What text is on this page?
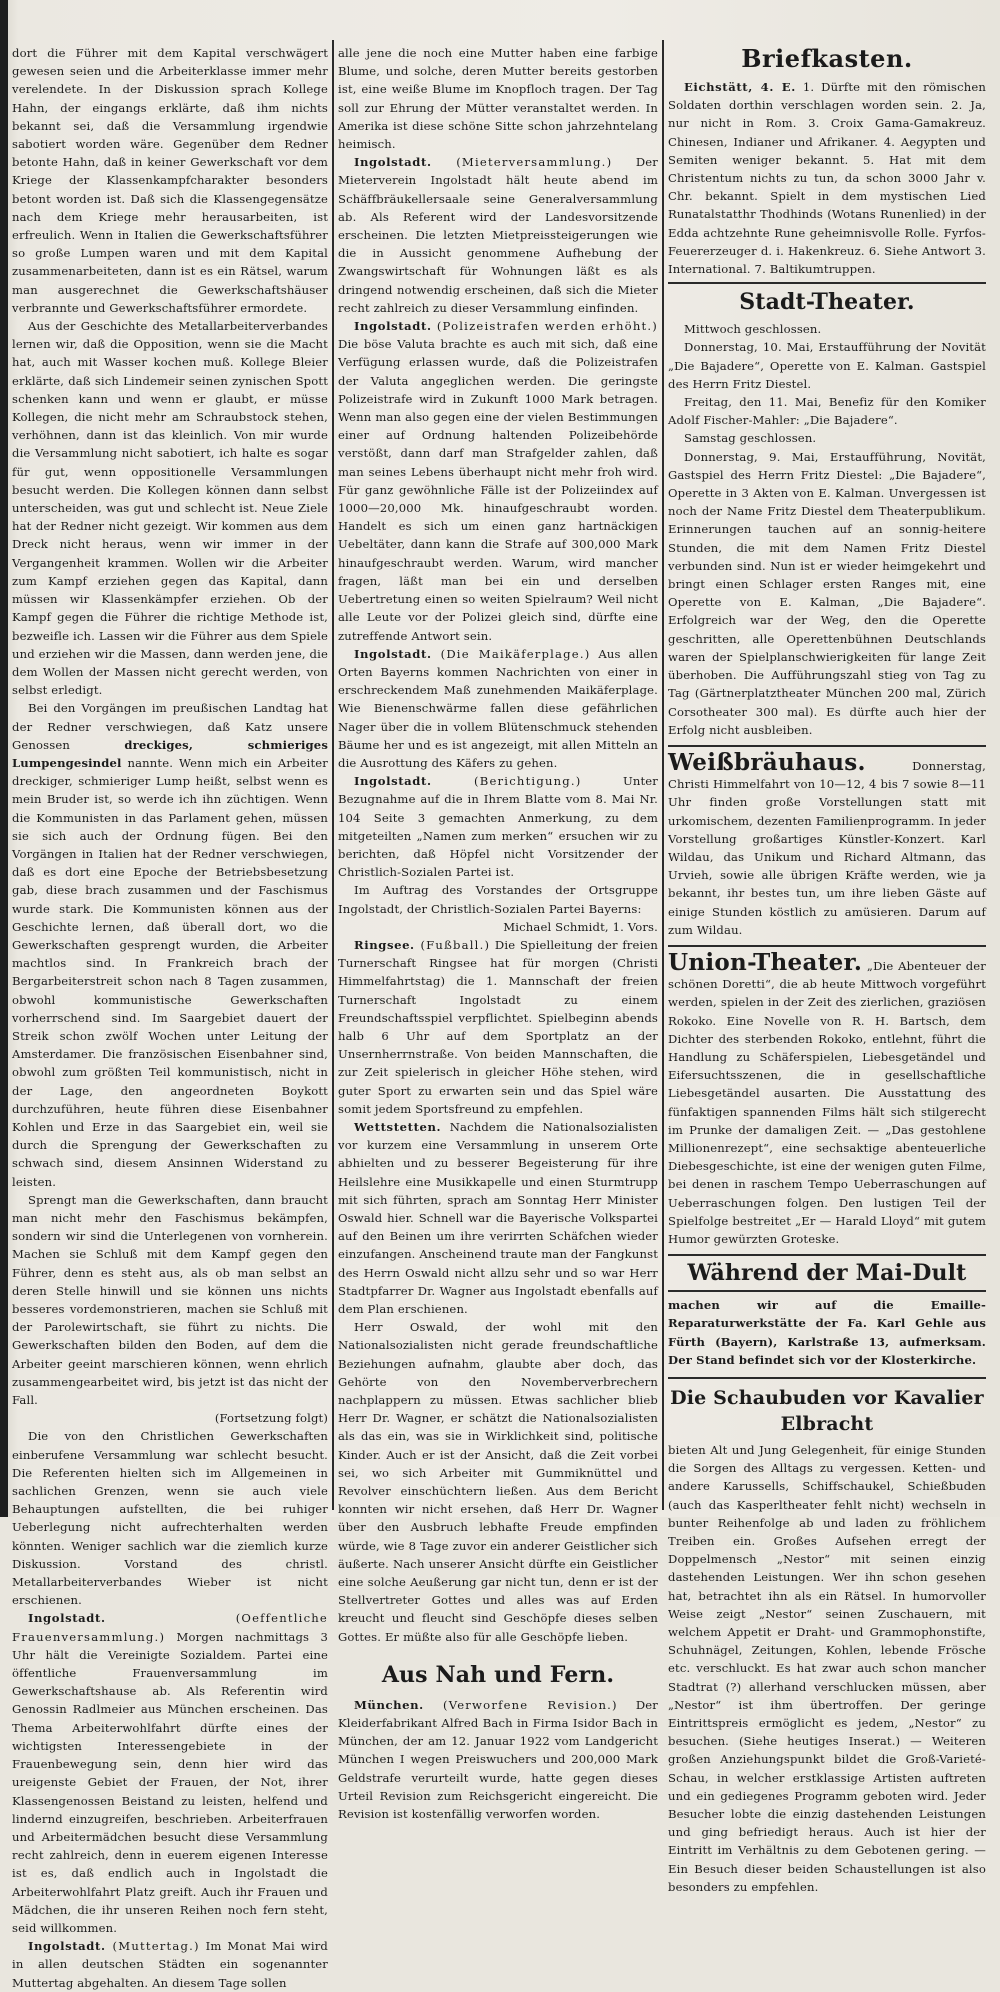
dort die Führer mit dem Kapital verschwägert gewesen seien und die Arbeiterklasse immer mehr verelendete. In der Diskussion sprach Kollege Hahn, der eingangs erklärte, daß ihm nichts bekannt sei, daß die Versammlung irgendwie sabotiert worden wäre. Gegenüber dem Redner betonte Hahn, daß in keiner Gewerkschaft vor dem Kriege der Klassenkampfcharakter besonders betont worden ist. Daß sich die Klassengegensätze nach dem Kriege mehr herausarbeiten, ist erfreulich. Wenn in Italien die Gewerkschaftsführer so große Lumpen waren und mit dem Kapital zusammenarbeiteten, dann ist es ein Rätsel, warum man ausgerechnet die Gewerkschaftshäuser verbrannte und Gewerkschaftsführer ermordete.

Aus der Geschichte des Metallarbeiterverbandes lernen wir, daß die Opposition, wenn sie die Macht hat, auch mit Wasser kochen muß. Kollege Bleier erklärte, daß sich Lindemeir seinen zynischen Spott schenken kann und wenn er glaubt, er müsse Kollegen, die nicht mehr am Schraubstock stehen, verhöhnen, dann ist das kleinlich. Von mir wurde die Versammlung nicht sabotiert, ich halte es sogar für gut, wenn oppositionelle Versammlungen besucht werden. Die Kollegen können dann selbst unterscheiden, was gut und schlecht ist. Neue Ziele hat der Redner nicht gezeigt. Wir kommen aus dem Dreck nicht heraus, wenn wir immer in der Vergangenheit krammen. Wollen wir die Arbeiter zum Kampf erziehen gegen das Kapital, dann müssen wir Klassenkämpfer erziehen. Ob der Kampf gegen die Führer die richtige Methode ist, bezweifle ich. Lassen wir die Führer aus dem Spiele und erziehen wir die Massen, dann werden jene, die dem Wollen der Massen nicht gerecht werden, von selbst erledigt.

Bei den Vorgängen im preußischen Landtag hat der Redner verschwiegen, daß Katz unsere Genossen dreckiges, schmieriges Lumpengesindel nannte. Wenn mich ein Arbeiter dreckiger, schmieriger Lump heißt, selbst wenn es mein Bruder ist, so werde ich ihn züchtigen. Wenn die Kommunisten in das Parlament gehen, müssen sie sich auch der Ordnung fügen. Bei den Vorgängen in Italien hat der Redner verschwiegen, daß es dort eine Epoche der Betriebsbesetzung gab, diese brach zusammen und der Faschismus wurde stark. Die Kommunisten können aus der Geschichte lernen, daß überall dort, wo die Gewerkschaften gesprengt wurden, die Arbeiter machtlos sind. In Frankreich brach der Bergarbeiterstreit schon nach 8 Tagen zusammen, obwohl kommunistische Gewerkschaften vorherrschend sind. Im Saargebiet dauert der Streik schon zwölf Wochen unter Leitung der Amsterdamer. Die französischen Eisenbahner sind, obwohl zum größten Teil kommunistisch, nicht in der Lage, den angeordneten Boykott durchzuführen, heute führen diese Eisenbahner Kohlen und Erze in das Saargebiet ein, weil sie durch die Sprengung der Gewerkschaften zu schwach sind, diesem Ansinnen Widerstand zu leisten.

Sprengt man die Gewerkschaften, dann braucht man nicht mehr den Faschismus bekämpfen, sondern wir sind die Unterlegenen von vornherein. Machen sie Schluß mit dem Kampf gegen den Führer, denn es steht aus, als ob man selbst an deren Stelle hinwill und sie können uns nichts besseres vordemonstrieren, machen sie Schluß mit der Parolewirtschaft, sie führt zu nichts. Die Gewerkschaften bilden den Boden, auf dem die Arbeiter geeint marschieren können, wenn ehrlich zusammengearbeitet wird, bis jetzt ist das nicht der Fall.

(Fortsetzung folgt)

Die von den Christlichen Gewerkschaften einberufene Versammlung war schlecht besucht. Die Referenten hielten sich im Allgemeinen in sachlichen Grenzen, wenn sie auch viele Behauptungen aufstellten, die bei ruhiger Ueberlegung nicht aufrechterhalten werden könnten. Weniger sachlich war die ziemlich kurze Diskussion. Vorstand des christl. Metallarbeiterverbandes Wieber ist nicht erschienen.

Ingolstadt. (Oeffentliche Frauenversammlung.) Morgen nachmittags 3 Uhr hält die Vereinigte Sozialdem. Partei eine öffentliche Frauenversammlung im Gewerkschaftshause ab. Als Referentin wird Genossin Radlmeier aus München erscheinen. Das Thema Arbeiterwohlfahrt dürfte eines der wichtigsten Interessengebiete in der Frauenbewegung sein, denn hier wird das ureigenste Gebiet der Frauen, der Not, ihrer Klassengenossen Beistand zu leisten, helfend und lindernd einzugreifen, beschrieben. Arbeiterfrauen und Arbeitermädchen besucht diese Versammlung recht zahlreich, denn in euerem eigenen Interesse ist es, daß endlich auch in Ingolstadt die Arbeiterwohlfahrt Platz greift. Auch ihr Frauen und Mädchen, die ihr unseren Reihen noch fern steht, seid willkommen.

Ingolstadt. (Muttertag.) Im Monat Mai wird in allen deutschen Städten ein sogenannter Muttertag abgehalten. An diesem Tage sollen

alle jene die noch eine Mutter haben eine farbige Blume, und solche, deren Mutter bereits gestorben ist, eine weiße Blume im Knopfloch tragen. Der Tag soll zur Ehrung der Mütter veranstaltet werden. In Amerika ist diese schöne Sitte schon jahrzehntelang heimisch.

Ingolstadt. (Mieterversammlung.) Der Mieterverein Ingolstadt hält heute abend im Schäffbräukellersaale seine Generalversammlung ab. Als Referent wird der Landesvorsitzende erscheinen. Die letzten Mietpreissteigerungen wie die in Aussicht genommene Aufhebung der Zwangswirtschaft für Wohnungen läßt es als dringend notwendig erscheinen, daß sich die Mieter recht zahlreich zu dieser Versammlung einfinden.

Ingolstadt. (Polizeistrafen werden erhöht.) Die böse Valuta brachte es auch mit sich, daß eine Verfügung erlassen wurde, daß die Polizeistrafen der Valuta angeglichen werden. Die geringste Polizeistrafe wird in Zukunft 1000 Mark betragen. Wenn man also gegen eine der vielen Bestimmungen einer auf Ordnung haltenden Polizeibehörde verstößt, dann darf man Strafgelder zahlen, daß man seines Lebens überhaupt nicht mehr froh wird. Für ganz gewöhnliche Fälle ist der Polizeiindex auf 1000—20,000 Mk. hinaufgeschraubt worden. Handelt es sich um einen ganz hartnäckigen Uebeltäter, dann kann die Strafe auf 300,000 Mark hinaufgeschraubt werden. Warum, wird mancher fragen, läßt man bei ein und derselben Uebertretung einen so weiten Spielraum? Weil nicht alle Leute vor der Polizei gleich sind, dürfte eine zutreffende Antwort sein.

Ingolstadt. (Die Maikäferplage.) Aus allen Orten Bayerns kommen Nachrichten von einer in erschreckendem Maß zunehmenden Maikäferplage. Wie Bienenschwärme fallen diese gefährlichen Nager über die in vollem Blütenschmuck stehenden Bäume her und es ist angezeigt, mit allen Mitteln an die Ausrottung des Käfers zu gehen.

Ingolstadt. (Berichtigung.) Unter Bezugnahme auf die in Ihrem Blatte vom 8. Mai Nr. 104 Seite 3 gemachten Anmerkung, zu dem mitgeteilten „Namen zum merken“ ersuchen wir zu berichten, daß Höpfel nicht Vorsitzender der Christlich-Sozialen Partei ist.

Im Auftrag des Vorstandes der Ortsgruppe Ingolstadt, der Christlich-Sozialen Partei Bayerns:

Michael Schmidt, 1. Vors.

Ringsee. (Fußball.) Die Spielleitung der freien Turnerschaft Ringsee hat für morgen (Christi Himmelfahrtstag) die 1. Mannschaft der freien Turnerschaft Ingolstadt zu einem Freundschaftsspiel verpflichtet. Spielbeginn abends halb 6 Uhr auf dem Sportplatz an der Unsernherrnstraße. Von beiden Mannschaften, die zur Zeit spielerisch in gleicher Höhe stehen, wird guter Sport zu erwarten sein und das Spiel wäre somit jedem Sportsfreund zu empfehlen.

Wettstetten. Nachdem die Nationalsozialisten vor kurzem eine Versammlung in unserem Orte abhielten und zu besserer Begeisterung für ihre Heilslehre eine Musikkapelle und einen Sturmtrupp mit sich führten, sprach am Sonntag Herr Minister Oswald hier. Schnell war die Bayerische Volkspartei auf den Beinen um ihre verirrten Schäfchen wieder einzufangen. Anscheinend traute man der Fangkunst des Herrn Oswald nicht allzu sehr und so war Herr Stadtpfarrer Dr. Wagner aus Ingolstadt ebenfalls auf dem Plan erschienen.

Herr Oswald, der wohl mit den Nationalsozialisten nicht gerade freundschaftliche Beziehungen aufnahm, glaubte aber doch, das Gehörte von den Novemberverbrechern nachplappern zu müssen. Etwas sachlicher blieb Herr Dr. Wagner, er schätzt die Nationalsozialisten als das ein, was sie in Wirklichkeit sind, politische Kinder. Auch er ist der Ansicht, daß die Zeit vorbei sei, wo sich Arbeiter mit Gummiknüttel und Revolver einschüchtern ließen. Aus dem Bericht konnten wir nicht ersehen, daß Herr Dr. Wagner über den Ausbruch lebhafte Freude empfinden würde, wie 8 Tage zuvor ein anderer Geistlicher sich äußerte. Nach unserer Ansicht dürfte ein Geistlicher eine solche Aeußerung gar nicht tun, denn er ist der Stellvertreter Gottes und alles was auf Erden kreucht und fleucht sind Geschöpfe dieses selben Gottes. Er müßte also für alle Geschöpfe lieben.

Aus Nah und Fern.

München. (Verworfene Revision.) Der Kleiderfabrikant Alfred Bach in Firma Isidor Bach in München, der am 12. Januar 1922 vom Landgericht München I wegen Preiswuchers und 200,000 Mark Geldstrafe verurteilt wurde, hatte gegen dieses Urteil Revision zum Reichsgericht eingereicht. Die Revision ist kostenfällig verworfen worden.

Briefkasten.

Eichstätt, 4. E. 1. Dürfte mit den römischen Soldaten dorthin verschlagen worden sein. 2. Ja, nur nicht in Rom. 3. Croix Gama-Gamakreuz. Chinesen, Indianer und Afrikaner. 4. Aegypten und Semiten weniger bekannt. 5. Hat mit dem Christentum nichts zu tun, da schon 3000 Jahr v. Chr. bekannt. Spielt in dem mystischen Lied Runatalstatthr Thodhinds (Wotans Runenlied) in der Edda achtzehnte Rune geheimnisvolle Rolle. Fyrfos-Feuererzeuger d. i. Hakenkreuz. 6. Siehe Antwort 3. International. 7. Baltikumtruppen.

Stadt-Theater.

Mittwoch geschlossen.

Donnerstag, 10. Mai, Erstaufführung der Novität „Die Bajadere“, Operette von E. Kalman. Gastspiel des Herrn Fritz Diestel.

Freitag, den 11. Mai, Benefiz für den Komiker Adolf Fischer-Mahler: „Die Bajadere“.

Samstag geschlossen.

Donnerstag, 9. Mai, Erstaufführung, Novität, Gastspiel des Herrn Fritz Diestel: „Die Bajadere“, Operette in 3 Akten von E. Kalman. Unvergessen ist noch der Name Fritz Diestel dem Theaterpublikum. Erinnerungen tauchen auf an sonnig-heitere Stunden, die mit dem Namen Fritz Diestel verbunden sind. Nun ist er wieder heimgekehrt und bringt einen Schlager ersten Ranges mit, eine Operette von E. Kalman, „Die Bajadere“. Erfolgreich war der Weg, den die Operette geschritten, alle Operettenbühnen Deutschlands waren der Spielplanschwierigkeiten für lange Zeit überhoben. Die Aufführungszahl stieg von Tag zu Tag (Gärtnerplatztheater München 200 mal, Zürich Corsotheater 300 mal). Es dürfte auch hier der Erfolg nicht ausbleiben.

Weißbräuhaus. Donnerstag, Christi Himmelfahrt von 10—12, 4 bis 7 sowie 8—11 Uhr finden große Vorstellungen statt mit urkomischem, dezenten Familienprogramm. In jeder Vorstellung großartiges Künstler-Konzert. Karl Wildau, das Unikum und Richard Altmann, das Urvieh, sowie alle übrigen Kräfte werden, wie ja bekannt, ihr bestes tun, um ihre lieben Gäste auf einige Stunden köstlich zu amüsieren. Darum auf zum Wildau.

Union-Theater. „Die Abenteuer der schönen Doretti“, die ab heute Mittwoch vorgeführt werden, spielen in der Zeit des zierlichen, graziösen Rokoko. Eine Novelle von R. H. Bartsch, dem Dichter des sterbenden Rokoko, entlehnt, führt die Handlung zu Schäferspielen, Liebesgetändel und Eifersuchtsszenen, die in gesellschaftliche Liebesgetändel ausarten. Die Ausstattung des fünfaktigen spannenden Films hält sich stilgerecht im Prunke der damaligen Zeit. — „Das gestohlene Millionenrezept“, eine sechsaktige abenteuerliche Diebesgeschichte, ist eine der wenigen guten Filme, bei denen in raschem Tempo Ueberraschungen auf Ueberraschungen folgen. Den lustigen Teil der Spielfolge bestreitet „Er — Harald Lloyd“ mit gutem Humor gewürzten Groteske.

Während der Mai-Dult

machen wir auf die Emaille-Reparaturwerkstätte der Fa. Karl Gehle aus Fürth (Bayern), Karlstraße 13, aufmerksam. Der Stand befindet sich vor der Klosterkirche.

Die Schaubuden vor Kavalier Elbracht

bieten Alt und Jung Gelegenheit, für einige Stunden die Sorgen des Alltags zu vergessen. Ketten- und andere Karussells, Schiffschaukel, Schießbuden (auch das Kasperltheater fehlt nicht) wechseln in bunter Reihenfolge ab und laden zu fröhlichem Treiben ein. Großes Aufsehen erregt der Doppelmensch „Nestor“ mit seinen einzig dastehenden Leistungen. Wer ihn schon gesehen hat, betrachtet ihn als ein Rätsel. In humorvoller Weise zeigt „Nestor“ seinen Zuschauern, mit welchem Appetit er Draht- und Grammophonstifte, Schuhnägel, Zeitungen, Kohlen, lebende Frösche etc. verschluckt. Es hat zwar auch schon mancher Stadtrat (?) allerhand verschlucken müssen, aber „Nestor“ ist ihm übertroffen. Der geringe Eintrittspreis ermöglicht es jedem, „Nestor“ zu besuchen. (Siehe heutiges Inserat.) — Weiteren großen Anziehungspunkt bildet die Groß-Varieté-Schau, in welcher erstklassige Artisten auftreten und ein gediegenes Programm geboten wird. Jeder Besucher lobte die einzig dastehenden Leistungen und ging befriedigt heraus. Auch ist hier der Eintritt im Verhältnis zu dem Gebotenen gering. — Ein Besuch dieser beiden Schaustellungen ist also besonders zu empfehlen.
